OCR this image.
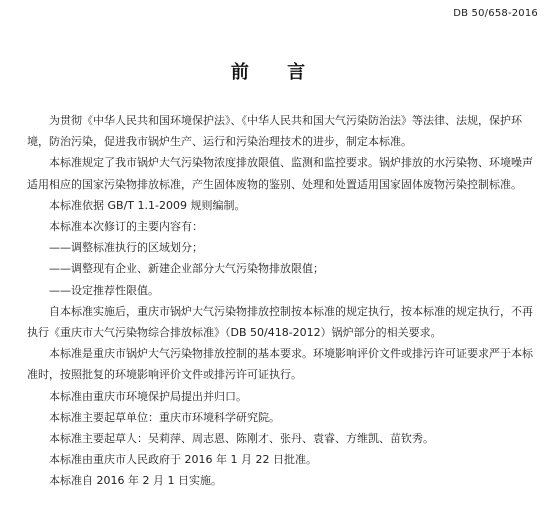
DB 50/658-2016
前 言

为贯彻《中华人民共和国环境保护法》、《中华人民共和国大气污染防治法》等法律、法规，保护环境，防治污染，促进我市锅炉生产、运行和污染治理技术的进步，制定本标准。

本标准规定了我市锅炉大气污染物浓度排放限值、监测和监控要求。锅炉排放的水污染物、环境噪声适用相应的国家污染物排放标准，产生固体废物的鉴别、处理和处置适用国家固体废物污染控制标准。

本标准依据 GB/T 1.1-2009 规则编制。

本标准本次修订的主要内容有：

——调整标准执行的区域划分；

——调整现有企业、新建企业部分大气污染物排放限值；

——设定推荐性限值。

自本标准实施后，重庆市锅炉大气污染物排放控制按本标准的规定执行，按本标准的规定执行，不再执行《重庆市大气污染物综合排放标准》（DB 50/418-2012）锅炉部分的相关要求。

本标准是重庆市锅炉大气污染物排放控制的基本要求。环境影响评价文件或排污许可证要求严于本标准时，按照批复的环境影响评价文件或排污许可证执行。

本标准由重庆市环境保护局提出并归口。

本标准主要起草单位：重庆市环境科学研究院。

本标准主要起草人：吴莉萍、周志恩、陈刚才、张丹、袁睿、方维凯、苗钦秀。

本标准由重庆市人民政府于 2016 年 1 月 22 日批准。

本标准自 2016 年 2 月 1 日实施。
